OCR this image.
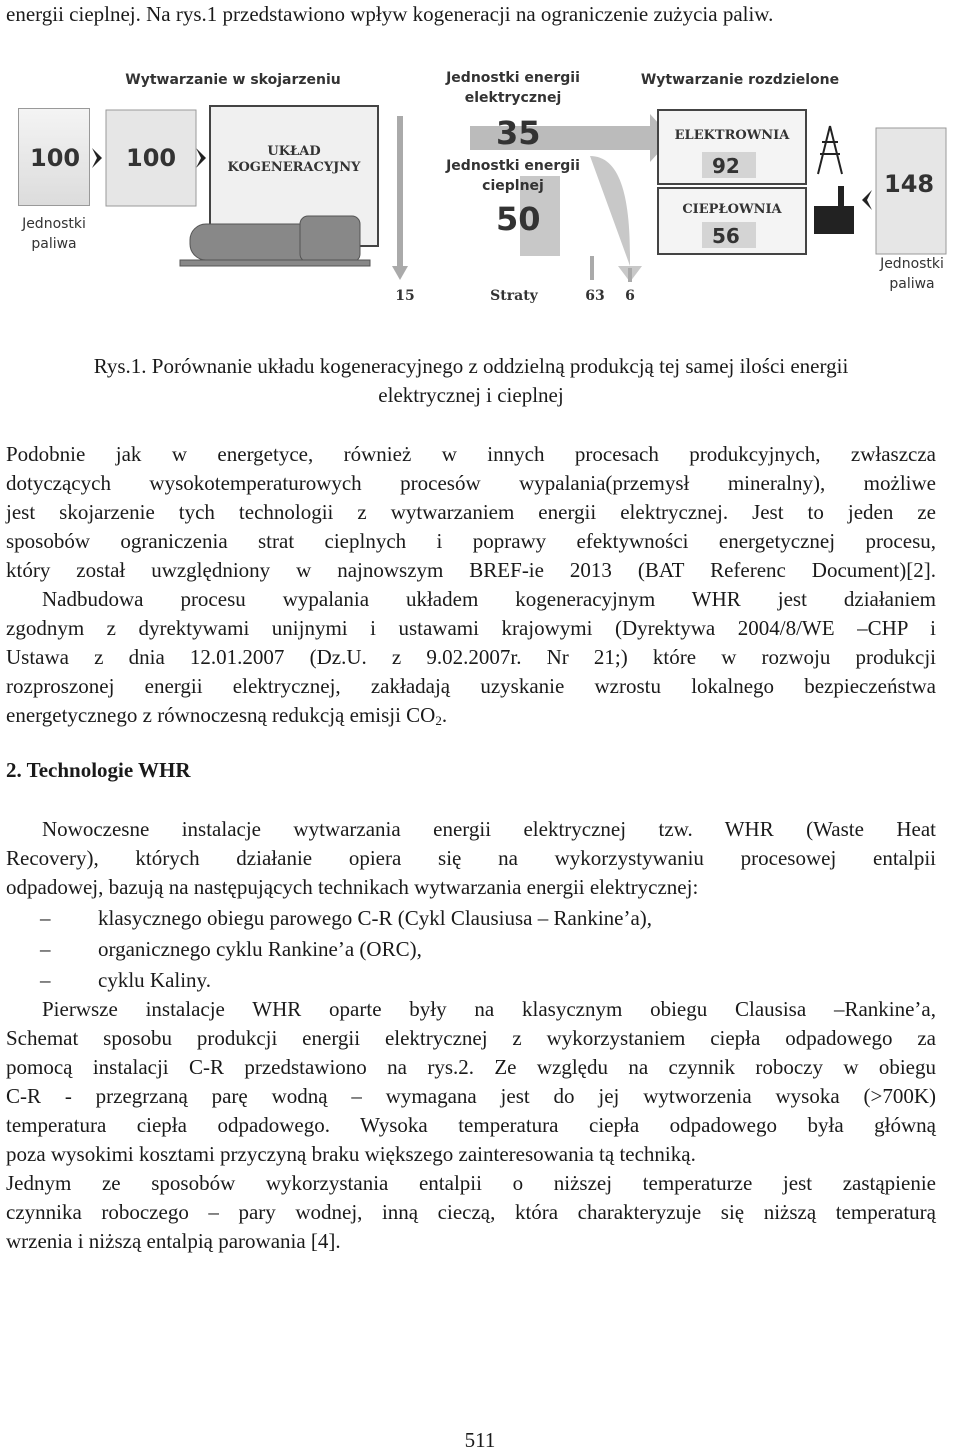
energii cieplnej. Na rys.1 przedstawiono wpływ kogeneracji na ograniczenie zużycia paliw.
Wytwarzanie w skojarzeniu	Jednostki energii
elektrycznej
Wytwarzanie rozdzielone
100
Jednostki
paliwa
UKŁAD
KOGENERACYJNY
100
35
Jednostki energii
cieplnej
50
ELEKTROWNIA
92
CIEPŁOWNIA
56
148
Jednostki
paliwa
15	Straty	63	6
Rys.1. Porównanie układu kogeneracyjnego z oddzielną produkcją tej samej ilości energii
elektrycznej i cieplnej
Podobnie jak w energetyce, również w innych procesach produkcyjnych, zwłaszcza
dotyczących wysokotemperaturowych procesów wypalania(przemysł mineralny), możliwe
jest skojarzenie tych technologii z wytwarzaniem energii elektrycznej. Jest to jeden ze
sposobów ograniczenia strat cieplnych i poprawy efektywności energetycznej procesu,
który został uwzględniony w najnowszym BREF-ie 2013 (BAT Referenc Document)[2].
Nadbudowa procesu wypalania układem kogeneracyjnym WHR jest działaniem
zgodnym z dyrektywami unijnymi i ustawami krajowymi (Dyrektywa 2004/8/WE –CHP i
Ustawa z dnia 12.01.2007 (Dz.U. z 9.02.2007r. Nr 21;) które w rozwoju produkcji
rozproszonej energii elektrycznej, zakładają uzyskanie wzrostu lokalnego bezpieczeństwa
energetycznego z równoczesną redukcją emisji $CO_2$.
2. Technologie WHR
Nowoczesne instalacje wytwarzania energii elektrycznej tzw. WHR (Waste Heat
Recovery), których działanie opiera się na wykorzystywaniu procesowej entalpii
odpadowej, bazują na następujących technikach wytwarzania energii elektrycznej:
– klasycznego obiegu parowego C-R (Cykl Clausiusa – Rankine’a),
– organicznego cyklu Rankine’a (ORC),
– cyklu Kaliny.
Pierwsze instalacje WHR oparte były na klasycznym obiegu Clausisa –Rankine’a,
Schemat sposobu produkcji energii elektrycznej z wykorzystaniem ciepła odpadowego za
pomocą instalacji C-R przedstawiono na rys.2. Ze względu na czynnik roboczy w obiegu
C-R - przegrzaną parę wodną – wymagana jest do jej wytworzenia wysoka (>700K)
temperatura ciepła odpadowego. Wysoka temperatura ciepła odpadowego była główną
poza wysokimi kosztami przyczyną braku większego zainteresowania tą techniką.
Jednym ze sposobów wykorzystania entalpii o niższej temperaturze jest zastąpienie
czynnika roboczego – pary wodnej, inną cieczą, która charakteryzuje się niższą temperaturą
wrzenia i niższą entalpią parowania [4].
511
